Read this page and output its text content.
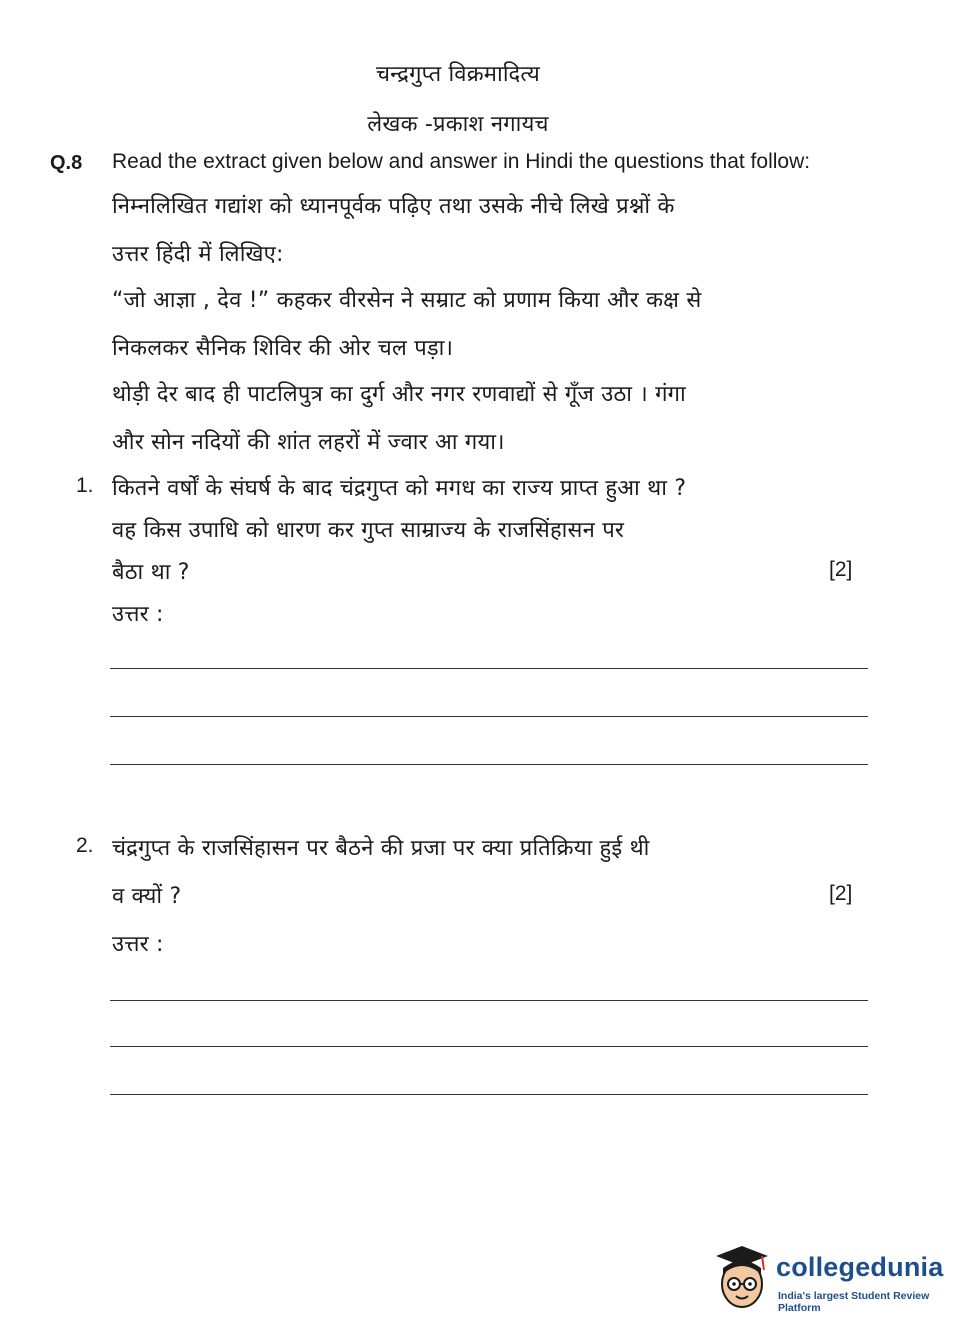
चन्द्रगुप्त विक्रमादित्य
लेखक -प्रकाश नगायच
Q.8 Read the extract given below and answer in Hindi the questions that follow:
निम्नलिखित गद्यांश को ध्यानपूर्वक पढ़िए तथा उसके नीचे लिखे प्रश्नों के
उत्तर हिंदी में लिखिए:
“जो आज्ञा , देव !” कहकर वीरसेन ने सम्राट को प्रणाम किया और कक्ष से
निकलकर सैनिक शिविर की ओर चल पड़ा।
थोड़ी देर बाद ही पाटलिपुत्र का दुर्ग और नगर रणवाद्यों से गूँज उठा । गंगा
और सोन नदियों की शांत लहरों में ज्वार आ गया।
1. कितने वर्षों के संघर्ष के बाद चंद्रगुप्त को मगध का राज्य प्राप्त हुआ था ?
वह किस उपाधि को धारण कर गुप्त साम्राज्य के राजसिंहासन पर
बैठा था ?	[2]
उत्तर :
2. चंद्रगुप्त के राजसिंहासन पर बैठने की प्रजा पर क्या प्रतिक्रिया हुई थी
व क्यों ?	[2]
उत्तर :
collegedunia
India's largest Student Review Platform
